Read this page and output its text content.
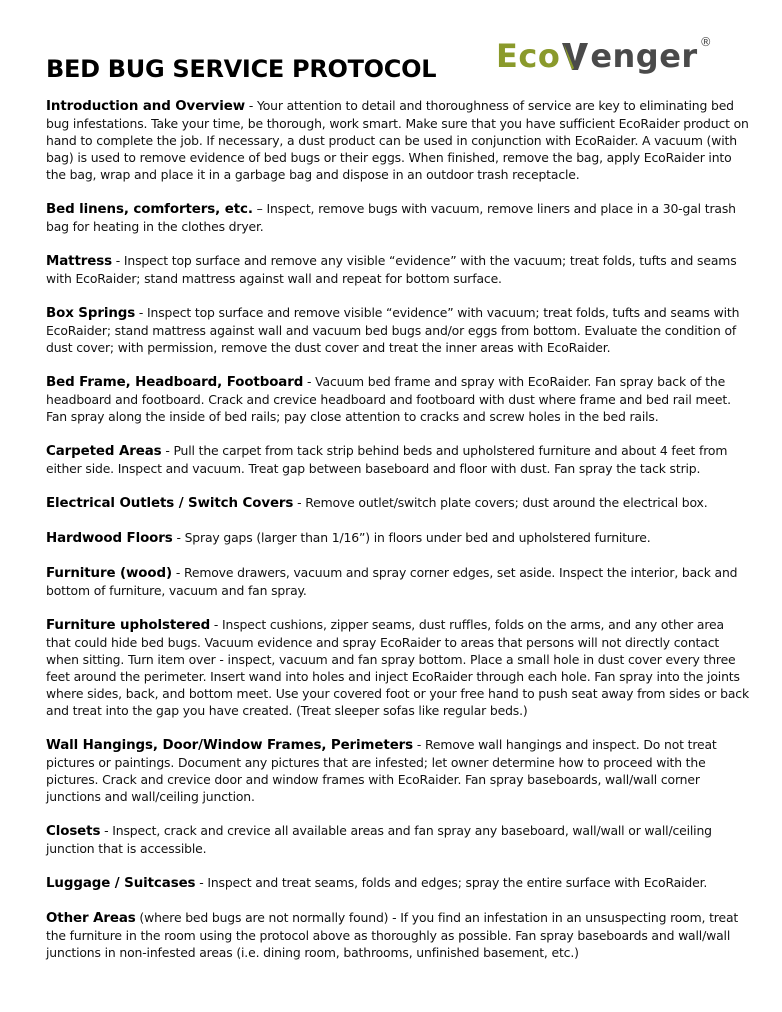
BED BUG SERVICE PROTOCOL Eco enger ®

Introduction and Overview - Your attention to detail and thoroughness of service are key to eliminating bed bug infestations. Take your time, be thorough, work smart. Make sure that you have sufficient EcoRaider product on hand to complete the job. If necessary, a dust product can be used in conjunction with EcoRaider. A vacuum (with bag) is used to remove evidence of bed bugs or their eggs. When finished, remove the bag, apply EcoRaider into the bag, wrap and place it in a garbage bag and dispose in an outdoor trash receptacle.

Bed linens, comforters, etc. – Inspect, remove bugs with vacuum, remove liners and place in a 30-gal trash bag for heating in the clothes dryer.

Mattress - Inspect top surface and remove any visible “evidence” with the vacuum; treat folds, tufts and seams with EcoRaider; stand mattress against wall and repeat for bottom surface.

Box Springs - Inspect top surface and remove visible “evidence” with vacuum; treat folds, tufts and seams with EcoRaider; stand mattress against wall and vacuum bed bugs and/or eggs from bottom. Evaluate the condition of dust cover; with permission, remove the dust cover and treat the inner areas with EcoRaider.

Bed Frame, Headboard, Footboard - Vacuum bed frame and spray with EcoRaider. Fan spray back of the headboard and footboard. Crack and crevice headboard and footboard with dust where frame and bed rail meet. Fan spray along the inside of bed rails; pay close attention to cracks and screw holes in the bed rails.

Carpeted Areas - Pull the carpet from tack strip behind beds and upholstered furniture and about 4 feet from either side. Inspect and vacuum. Treat gap between baseboard and floor with dust. Fan spray the tack strip.

Electrical Outlets / Switch Covers - Remove outlet/switch plate covers; dust around the electrical box.

Hardwood Floors - Spray gaps (larger than 1/16”) in floors under bed and upholstered furniture.

Furniture (wood) - Remove drawers, vacuum and spray corner edges, set aside. Inspect the interior, back and bottom of furniture, vacuum and fan spray.

Furniture upholstered - Inspect cushions, zipper seams, dust ruffles, folds on the arms, and any other area that could hide bed bugs. Vacuum evidence and spray EcoRaider to areas that persons will not directly contact when sitting. Turn item over - inspect, vacuum and fan spray bottom. Place a small hole in dust cover every three feet around the perimeter. Insert wand into holes and inject EcoRaider through each hole. Fan spray into the joints where sides, back, and bottom meet. Use your covered foot or your free hand to push seat away from sides or back and treat into the gap you have created. (Treat sleeper sofas like regular beds.)

Wall Hangings, Door/Window Frames, Perimeters - Remove wall hangings and inspect. Do not treat pictures or paintings. Document any pictures that are infested; let owner determine how to proceed with the pictures. Crack and crevice door and window frames with EcoRaider. Fan spray baseboards, wall/wall corner junctions and wall/ceiling junction.

Closets - Inspect, crack and crevice all available areas and fan spray any baseboard, wall/wall or wall/ceiling junction that is accessible.

Luggage / Suitcases - Inspect and treat seams, folds and edges; spray the entire surface with EcoRaider.

Other Areas (where bed bugs are not normally found) - If you find an infestation in an unsuspecting room, treat the furniture in the room using the protocol above as thoroughly as possible. Fan spray baseboards and wall/wall junctions in non-infested areas (i.e. dining room, bathrooms, unfinished basement, etc.)
